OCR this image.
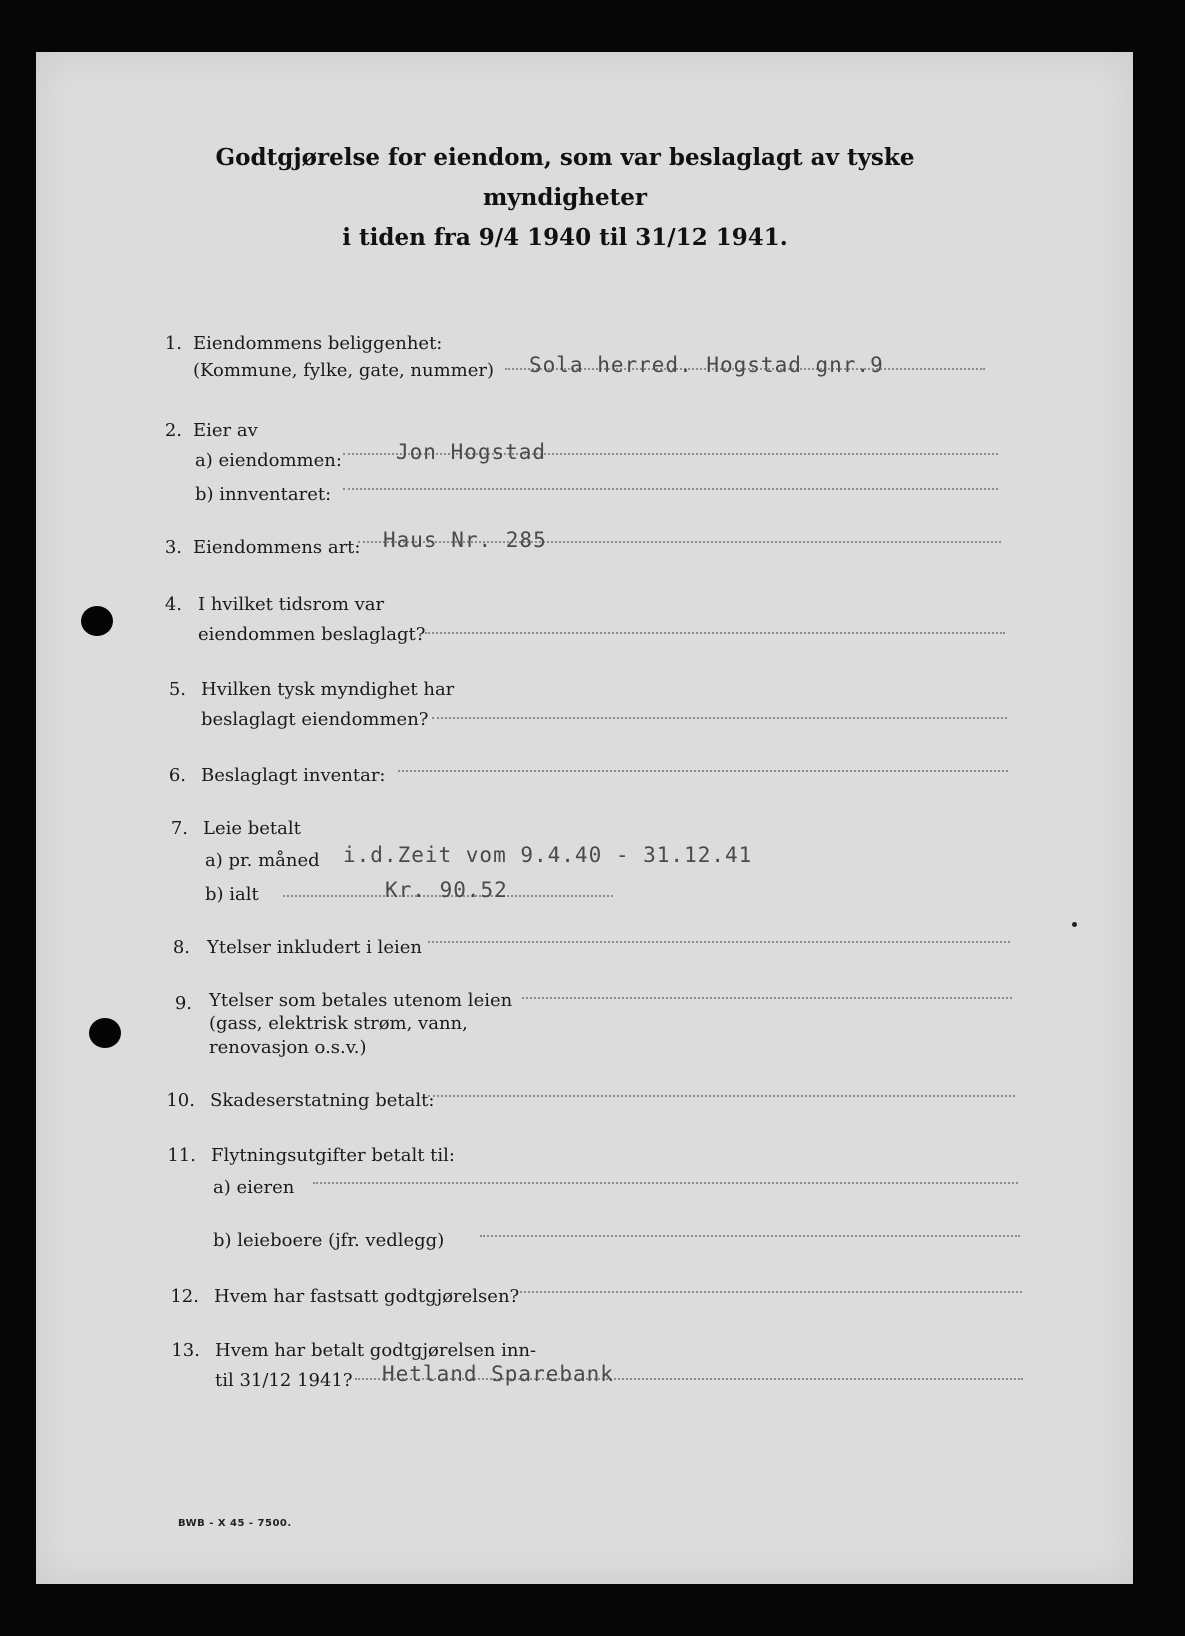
Godtgjørelse for eiendom, som var beslaglagt av tyske myndigheter
i tiden fra 9/4 1940 til 31/12 1941.
1. Eiendommens beliggenhet:
(Kommune, fylke, gate, nummer) Sola herred. Hogstad gnr.9
2. Eier av
a) eiendommen:	Jon Hogstad
b) innventaret:
3. Eiendommens art: Haus Nr. 285
4. I hvilket tidsrom var
eiendommen beslaglagt?
5. Hvilken tysk myndighet har
beslaglagt eiendommen?
6. Beslaglagt inventar:
7. Leie betalt
a) pr. måned i.d.Zeit vom 9.4.40 - 31.12.41
b) ialt	Kr. 90.52
8. Ytelser inkludert i leien
9. Ytelser som betales utenom leien
(gass, elektrisk strøm, vann,
renovasjon o.s.v.)
10. Skadeserstatning betalt:
11. Flytningsutgifter betalt til:
a) eieren
b) leieboere (jfr. vedlegg)
12. Hvem har fastsatt godtgjørelsen?
13. Hvem har betalt godtgjørelsen inn-
til 31/12 1941? Hetland Sparebank
BWB - X 45 - 7500.
